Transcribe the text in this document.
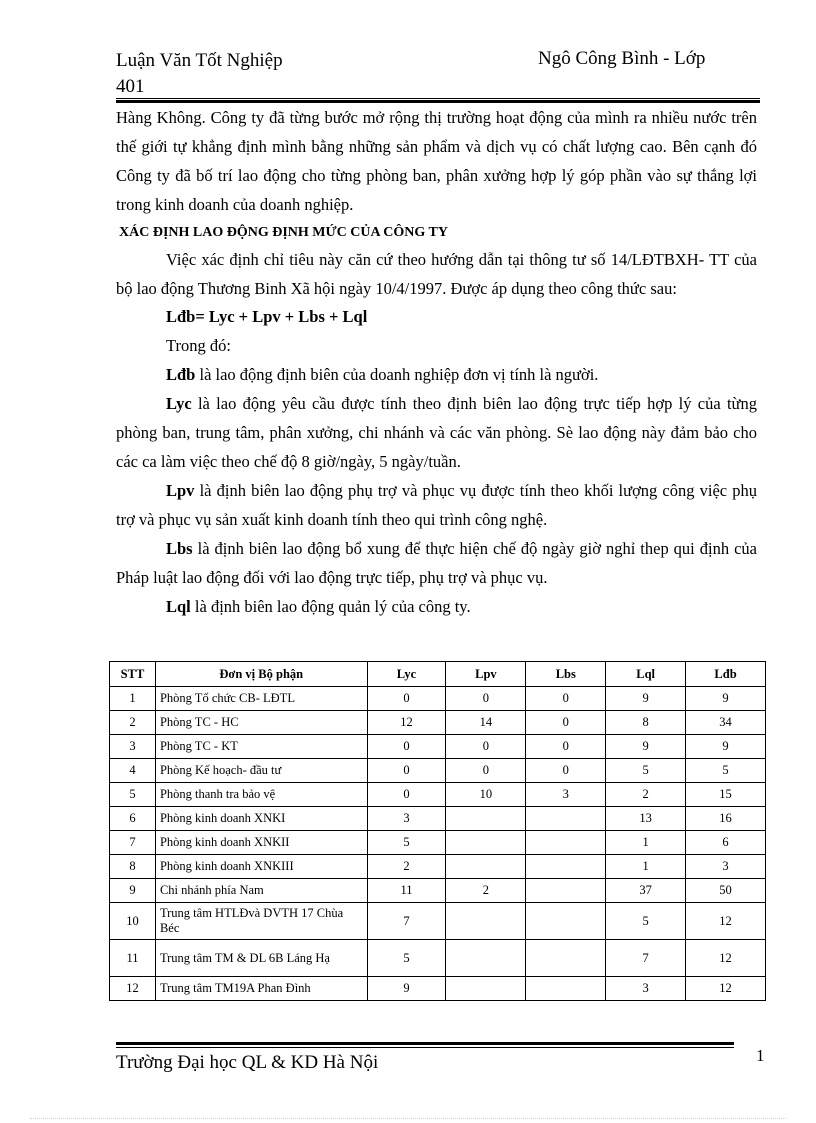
Luận Văn Tốt Nghiệp
401
Ngô Công Bình - Lớp

Hàng Không. Công ty đã từng bước mở rộng thị trường hoạt động của mình ra nhiều nước trên thế giới tự khẳng định mình bằng những sản phẩm và dịch vụ có chất lượng cao. Bên cạnh đó Công ty đã bố trí lao động cho từng phòng ban, phân xưởng hợp lý góp phần vào sự thắng lợi trong kinh doanh của doanh nghiệp.

XÁC ĐỊNH LAO ĐỘNG ĐỊNH MỨC CỦA CÔNG TY

Việc xác định chỉ tiêu này căn cứ theo hướng dẫn tại thông tư số 14/LĐTBXH- TT của bộ lao động Thương Binh Xã hội ngày 10/4/1997. Được áp dụng theo công thức sau:

Lđb= Lyc + Lpv + Lbs + Lql

Trong đó:

Lđb là lao động định biên của doanh nghiệp đơn vị tính là người.

Lyc là lao động yêu cầu được tính theo định biên lao động trực tiếp hợp lý của từng phòng ban, trung tâm, phân xưởng, chi nhánh và các văn phòng. Sè lao động này đảm bảo cho các ca làm việc theo chế độ 8 giờ/ngày, 5 ngày/tuần.

Lpv là định biên lao động phụ trợ và phục vụ được tính theo khối lượng công việc phụ trợ và phục vụ sản xuất kinh doanh tính theo qui trình công nghệ.

Lbs là định biên lao động bổ xung để thực hiện chế độ ngày giờ nghỉ thep qui định của Pháp luật lao động đối với lao động trực tiếp, phụ trợ và phục vụ.

Lql là định biên lao động quản lý của công ty.

STT	Đơn vị Bộ phận	Lyc	Lpv	Lbs	Lql	Lđb
1	Phòng Tổ chức CB- LĐTL	0	0	0	9	9
2	Phòng TC - HC	12	14	0	8	34
3	Phòng TC - KT	0	0	0	9	9
4	Phòng Kế hoạch- đầu tư	0	0	0	5	5
5	Phòng thanh tra bảo vệ	0	10	3	2	15
6	Phòng kinh doanh XNKI	3			13	16
7	Phòng kinh doanh XNKII	5			1	6
8	Phòng kinh doanh XNKIII	2			1	3
9	Chi nhánh phía Nam	11	2		37	50
10	Trung tâm HTLĐvà DVTH 17 Chùa Béc	7			5	12
11	Trung tâm TM & DL 6B Láng Hạ	5			7	12
12	Trung tâm TM19A Phan Đình	9			3	12
Trường Đại học QL & KD Hà Nội	1
